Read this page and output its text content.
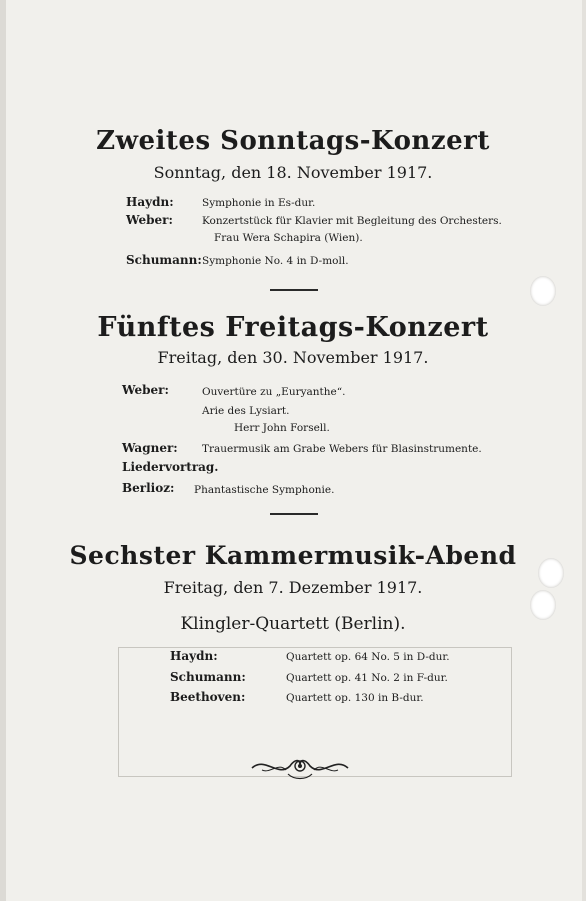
Zweites Sonntags-Konzert
Sonntag, den 18. November 1917.
Haydn:	Symphonie in Es-dur.
Weber:	Konzertstück für Klavier mit Begleitung des Orchesters.
Frau Wera Schapira (Wien).
Schumann: Symphonie No. 4 in D-moll.
Fünftes Freitags-Konzert
Freitag, den 30. November 1917.
Weber:	Ouvertüre zu „Euryanthe“.
Arie des Lysiart.
Herr John Forsell.
Wagner: Trauermusik am Grabe Webers für Blasinstrumente.
Liedervortrag.
Berlioz: Phantastische Symphonie.
Sechster Kammermusik-Abend
Freitag, den 7. Dezember 1917.
Klingler-Quartett (Berlin).
Haydn:	Quartett op. 64 No. 5 in D-dur.
Schumann:	Quartett op. 41 No. 2 in F-dur.
Beethoven:	Quartett op. 130 in B-dur.
